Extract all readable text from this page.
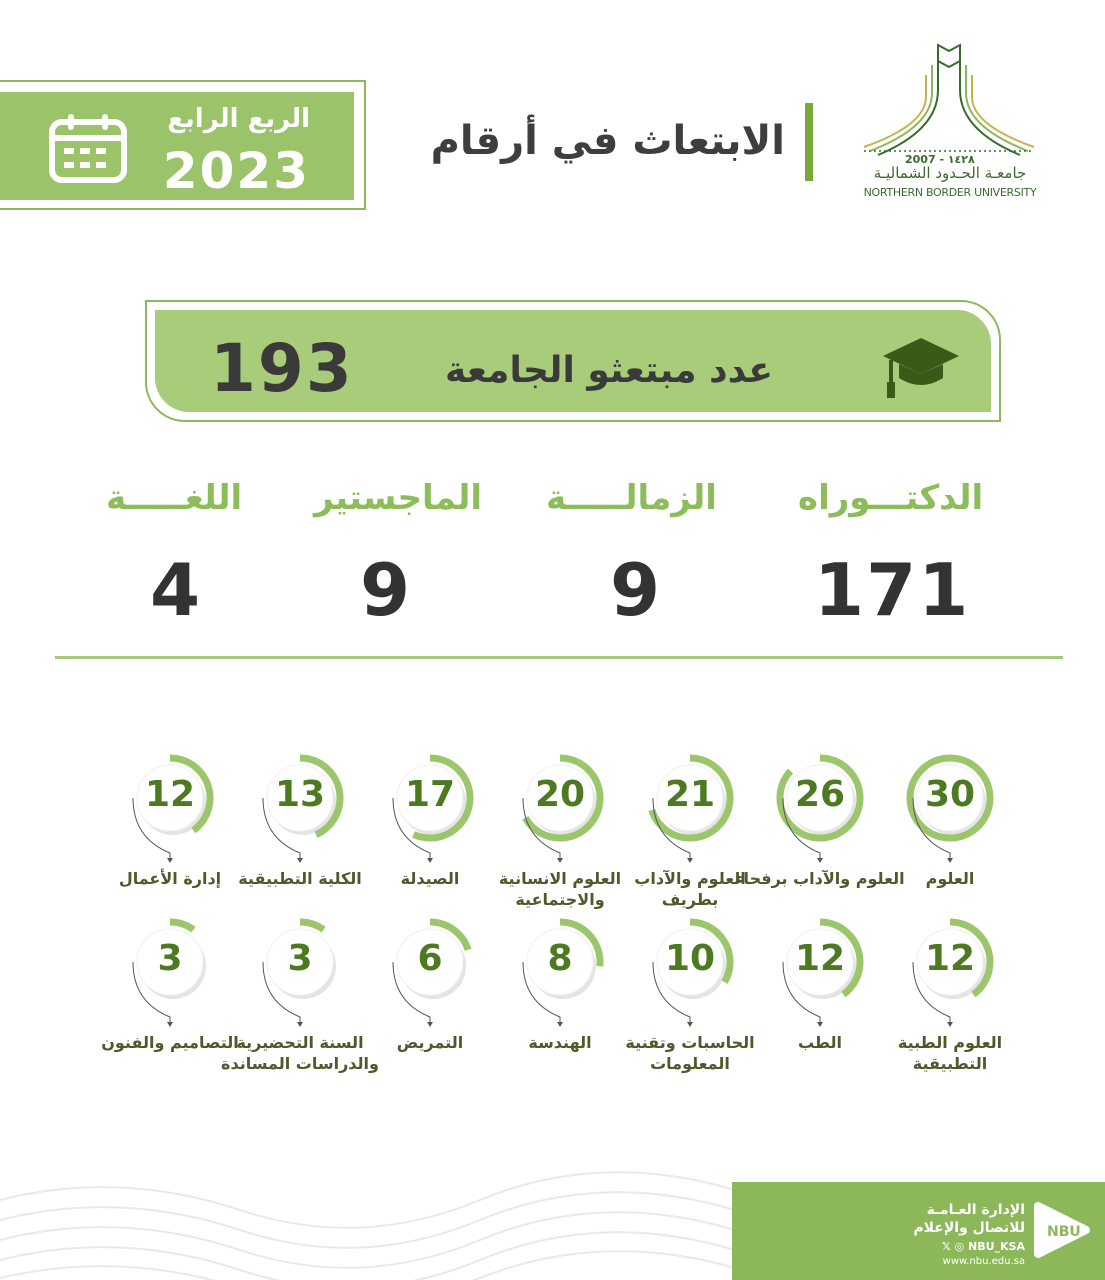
الربع الرابع
2023
الابتعاث في أرقام	2007 - ١٤٢٨
جامعـة الحـدود الشماليـة
NORTHERN BORDER UNIVERSITY
193	عدد مبتعثو الجامعة
الدكتـــوراه
الزمالـــــة
الماجستير
اللغـــــة
171
9
9
4
الإدارة العـامـة
للاتصال والإعلام
𝕏 ◎ NBU_KSA
www.nbu.edu.sa
NBU
30
العلوم
26
العلوم والآداب برفحاء
21
العلوم والآداب بطريف
20
العلوم الانسانية والاجتماعية
17
الصيدلة
13
الكلية التطبيقية
12
إدارة الأعمال
12
العلوم الطبية التطبيقية
12
الطب
10
الحاسبات وتقنية المعلومات
8
الهندسة
6
التمريض
3
السنة التحضيرية والدراسات المساندة
3
التصاميم والفنون
